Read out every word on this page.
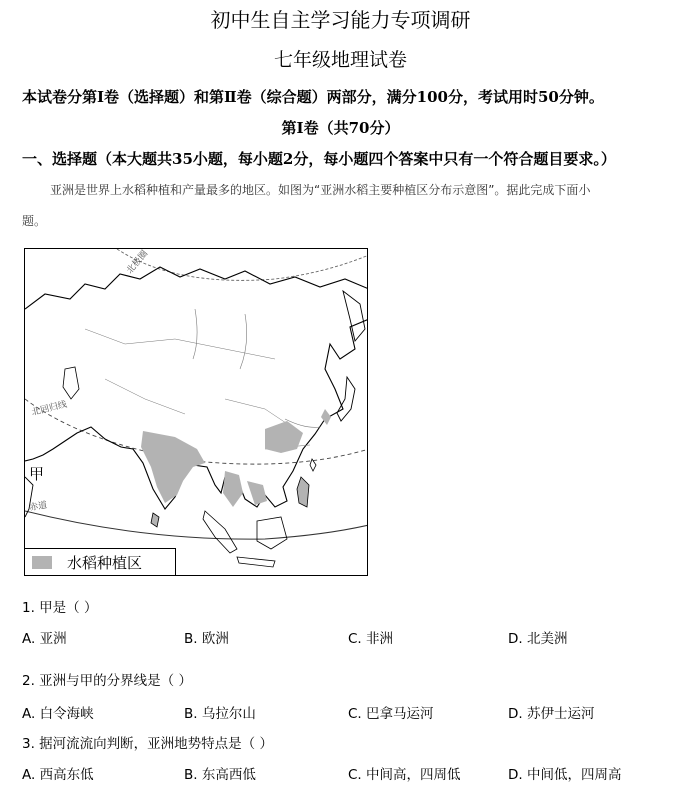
初中生自主学习能力专项调研
七年级地理试卷
本试卷分第Ⅰ卷（选择题）和第Ⅱ卷（综合题）两部分，满分100分，考试用时50分钟。
第Ⅰ卷（共70分）
一、选择题（本大题共35小题，每小题2分，每小题四个答案中只有一个符合题目要求。）
亚洲是世界上水稻种植和产量最多的地区。如图为“亚洲水稻主要种植区分布示意图”。据此完成下面小
题。
北极圈
北回归线
赤道
甲
水稻种植区
1. 甲是（ ）
A. 亚洲	B. 欧洲	C. 非洲	D. 北美洲
2. 亚洲与甲的分界线是（ ）
A. 白令海峡	B. 乌拉尔山	C. 巴拿马运河	D. 苏伊士运河
3. 据河流流向判断，亚洲地势特点是（ ）
A. 西高东低	B. 东高西低	C. 中间高，四周低	D. 中间低，四周高
